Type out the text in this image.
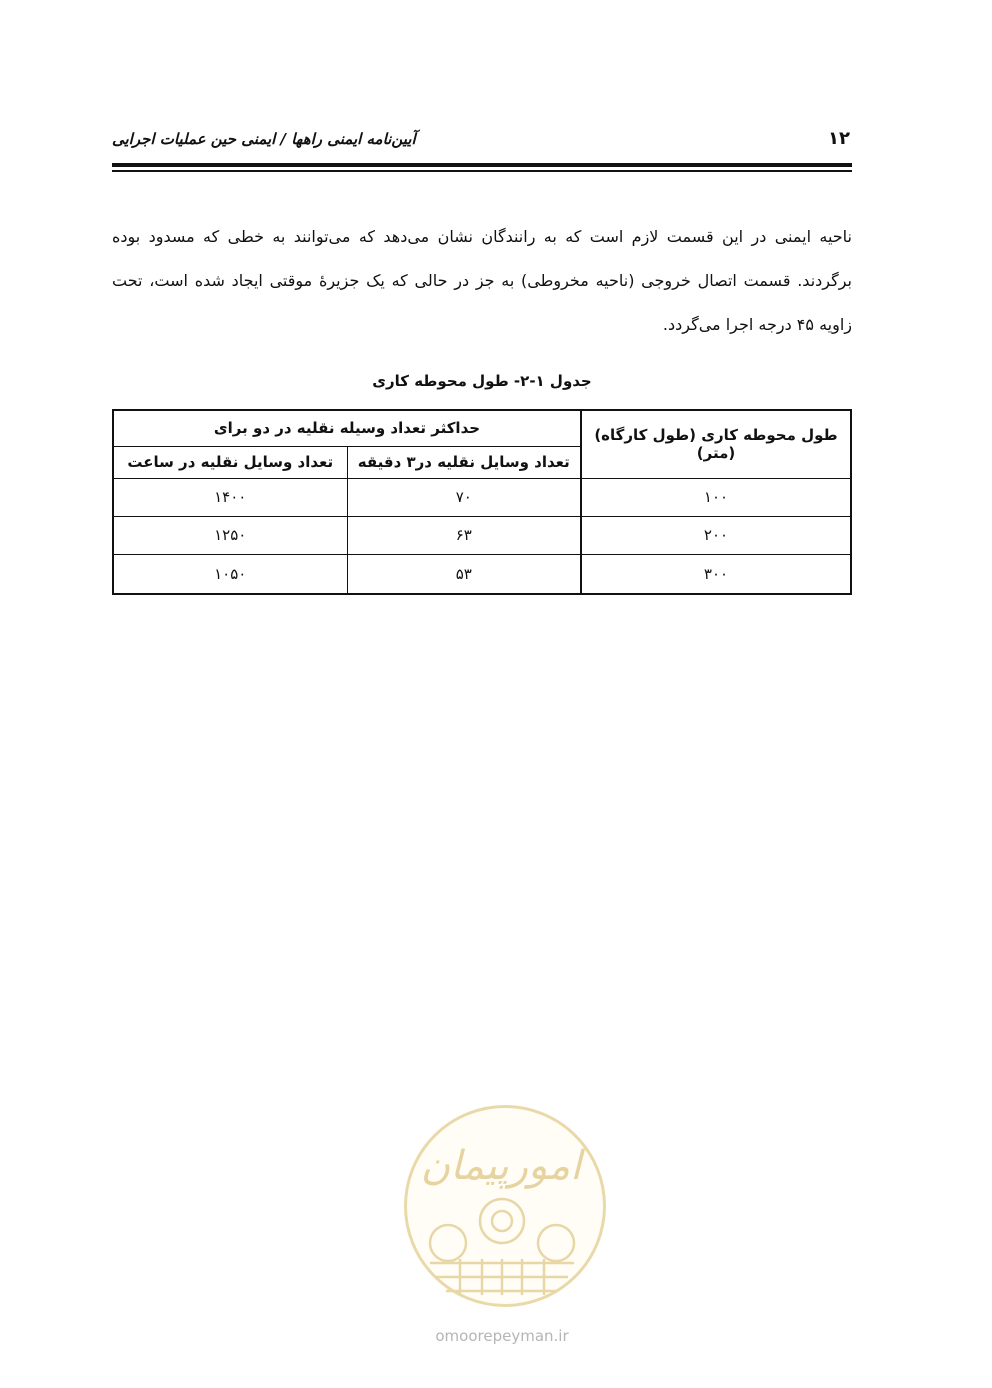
آیین‌نامه ایمنی راهها / ایمنی حین عملیات اجرایی	۱۲

ناحیه ایمنی در این قسمت لازم است که به رانندگان نشان می‌دهد که می‌توانند به خطی که مسدود بوده برگردند. قسمت اتصال خروجی (ناحیه مخروطی) به جز در حالی که یک جزیرۀ موقتی ایجاد شده است، تحت زاویه ۴۵ درجه اجرا می‌گردد.

جدول ۱-۲- طول محوطه کاری
طول محوطه کاری (طول کارگاه) (متر)	حداکثر تعداد وسیله نقلیه در دو برای	
	تعداد وسایل نقلیه در۳ دقیقه	تعداد وسایل نقلیه در ساعت
۱۰۰	۷۰	۱۴۰۰
۲۰۰	۶۳	۱۲۵۰
۳۰۰	۵۳	۱۰۵۰
امورپیمان
omoorepeyman.ir
